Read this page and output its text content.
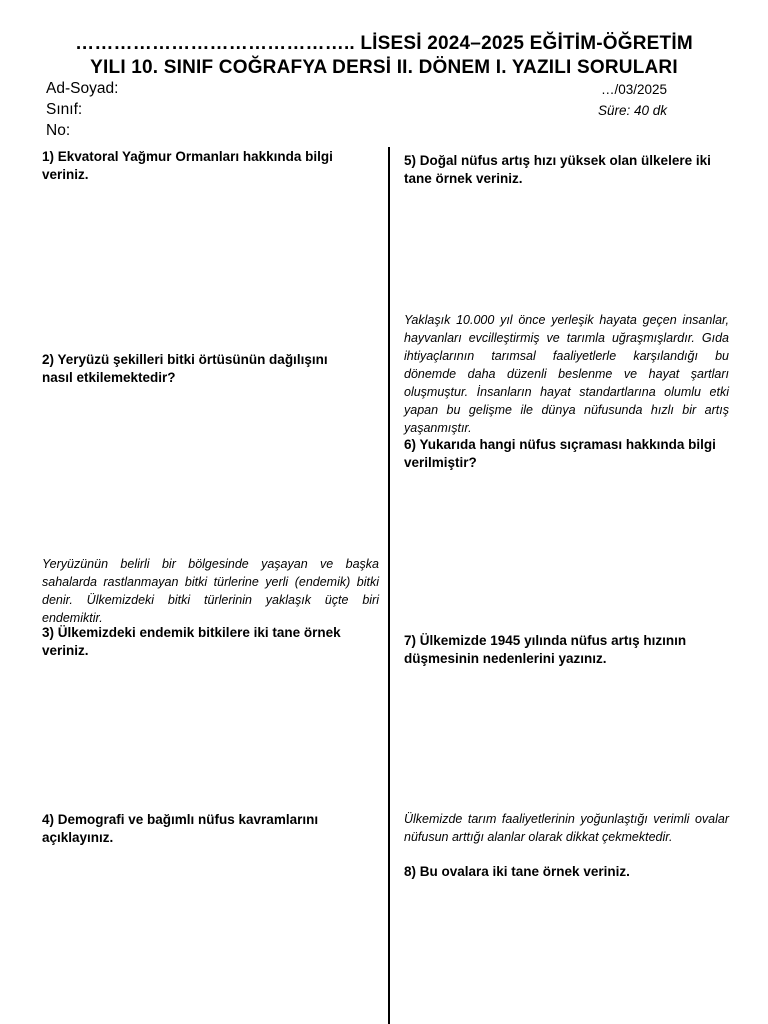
…………………………………….. LİSESİ 2024–2025 EĞİTİM-ÖĞRETİM
YILI 10. SINIF COĞRAFYA DERSİ II. DÖNEM I. YAZILI SORULARI
Ad-Soyad:
Sınıf:
No:
…/03/2025
Süre: 40 dk
1) Ekvatoral Yağmur Ormanları hakkında bilgi veriniz.
2) Yeryüzü şekilleri bitki örtüsünün dağılışını nasıl etkilemektedir?
Yeryüzünün belirli bir bölgesinde yaşayan ve başka sahalarda rastlanmayan bitki türlerine yerli (endemik) bitki denir. Ülkemizdeki bitki türlerinin yaklaşık üçte biri endemiktir.
3) Ülkemizdeki endemik bitkilere iki tane örnek veriniz.
4) Demografi ve bağımlı nüfus kavramlarını açıklayınız.
5) Doğal nüfus artış hızı yüksek olan ülkelere iki tane örnek veriniz.
Yaklaşık 10.000 yıl önce yerleşik hayata geçen insanlar, hayvanları evcilleştirmiş ve tarımla uğraşmışlardır. Gıda ihtiyaçlarının tarımsal faaliyetlerle karşılandığı bu dönemde daha düzenli beslenme ve hayat şartları oluşmuştur. İnsanların hayat standartlarına olumlu etki yapan bu gelişme ile dünya nüfusunda hızlı bir artış yaşanmıştır.
6) Yukarıda hangi nüfus sıçraması hakkında bilgi verilmiştir?
7) Ülkemizde 1945 yılında nüfus artış hızının düşmesinin nedenlerini yazınız.
Ülkemizde tarım faaliyetlerinin yoğunlaştığı verimli ovalar nüfusun arttığı alanlar olarak dikkat çekmektedir.
8) Bu ovalara iki tane örnek veriniz.
